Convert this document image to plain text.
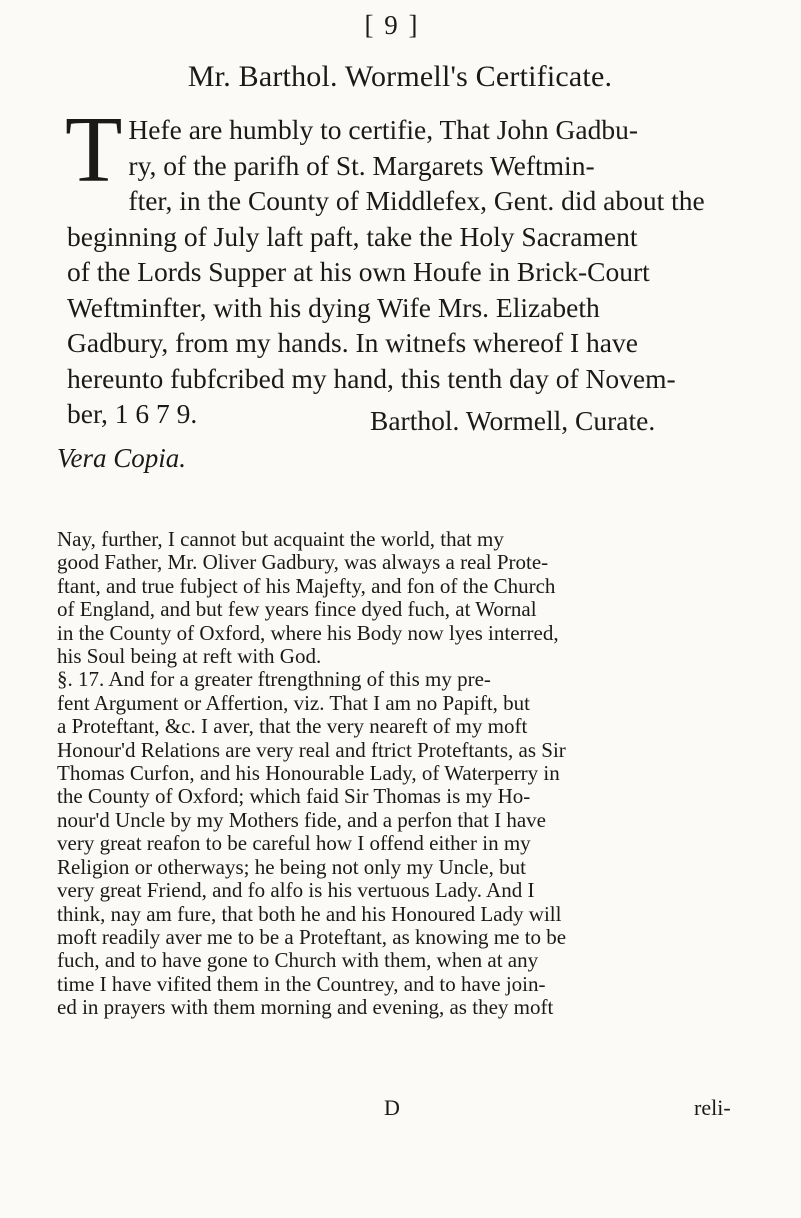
[ 9 ]
Mr. Barthol. Wormell's Certificate.
T Hefe are humbly to certifie, That John Gadbu-
ry, of the parifh of St. Margarets Weftmin-
fter, in the County of Middlefex, Gent. did about the
beginning of July laft paft, take the Holy Sacrament
of the Lords Supper at his own Houfe in Brick-Court
Weftminfter, with his dying Wife Mrs. Elizabeth
Gadbury, from my hands. In witnefs whereof I have
hereunto fubfcribed my hand, this tenth day of Novem-
ber, 1 6 7 9.	Barthol. Wormell, Curate.
Vera Copia.
Nay, further, I cannot but acquaint the world, that my
good Father, Mr. Oliver Gadbury, was always a real Prote-
ftant, and true fubject of his Majefty, and fon of the Church
of England, and but few years fince dyed fuch, at Wornal
in the County of Oxford, where his Body now lyes interred,
his Soul being at reft with God.
§. 17. And for a greater ftrengthning of this my pre-
fent Argument or Affertion, viz. That I am no Papift, but
a Proteftant, &c. I aver, that the very neareft of my moft
Honour'd Relations are very real and ftrict Proteftants, as Sir
Thomas Curfon, and his Honourable Lady, of Waterperry in
the County of Oxford; which faid Sir Thomas is my Ho-
nour'd Uncle by my Mothers fide, and a perfon that I have
very great reafon to be careful how I offend either in my
Religion or otherways; he being not only my Uncle, but
very great Friend, and fo alfo is his vertuous Lady. And I
think, nay am fure, that both he and his Honoured Lady will
moft readily aver me to be a Proteftant, as knowing me to be
fuch, and to have gone to Church with them, when at any
time I have vifited them in the Countrey, and to have join-
ed in prayers with them morning and evening, as they moft
D	reli-
